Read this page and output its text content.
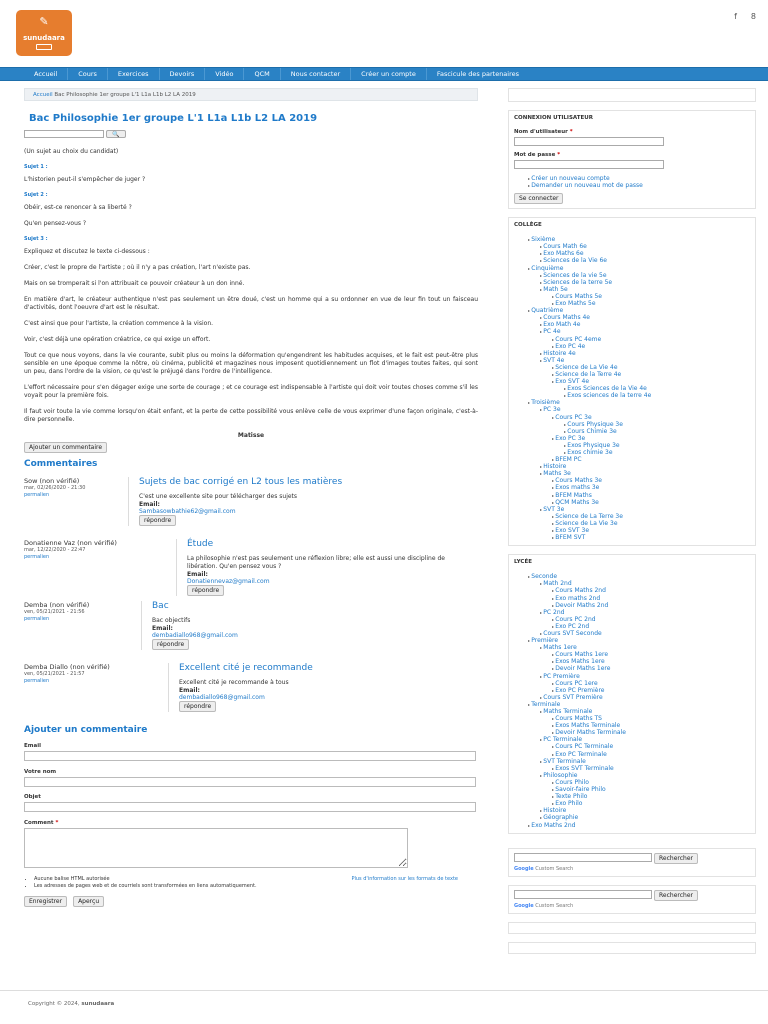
✎
sunudaara
f 8
Accueil	Cours	Exercices	Devoirs	Vidéo	QCM	Nous contacter	Créer un compte	Fascicule des partenaires
Accueil Bac Philosophie 1er groupe L'1 L1a L1b L2 LA 2019
Bac Philosophie 1er groupe L'1 L1a L1b L2 LA 2019
🔍

(Un sujet au choix du candidat)

Sujet 1 :

L'historien peut-il s'empêcher de juger ?

Sujet 2 :

Obéir, est-ce renoncer à sa liberté ?

Qu'en pensez-vous ?

Sujet 3 :

Expliquez et discutez le texte ci-dessous :

Créer, c'est le propre de l'artiste ; où il n'y a pas création, l'art n'existe pas.

Mais on se tromperait si l'on attribuait ce pouvoir créateur à un don inné.

En matière d'art, le créateur authentique n'est pas seulement un être doué, c'est un homme qui a su ordonner en vue de leur fin tout un faisceau d'activités, dont l'oeuvre d'art est le résultat.

C'est ainsi que pour l'artiste, la création commence à la vision.

Voir, c'est déjà une opération créatrice, ce qui exige un effort.

Tout ce que nous voyons, dans la vie courante, subit plus ou moins la déformation qu'engendrent les habitudes acquises, et le fait est peut-être plus sensible en une époque comme la nôtre, où cinéma, publicité et magazines nous imposent quotidiennement un flot d'images toutes faites, qui sont un peu, dans l'ordre de la vision, ce qu'est le préjugé dans l'ordre de l'intelligence.

L'effort nécessaire pour s'en dégager exige une sorte de courage ; et ce courage est indispensable à l'artiste qui doit voir toutes choses comme s'il les voyait pour la première fois.

Il faut voir toute la vie comme lorsqu'on était enfant, et la perte de cette possibilité vous enlève celle de vous exprimer d'une façon originale, c'est-à-dire personnelle.

Matisse
Ajouter un commentaire
Commentaires
Sow (non vérifié)
mar, 02/26/2020 - 21:30
permalien
Sujets de bac corrigé en L2 tous les matières
C'est une excellente site pour télécharger des sujets
Email:
Sambasowbathie62@gmail.com
répondre
Donatienne Vaz (non vérifié)
mar, 12/22/2020 - 22:47
permalien
Étude
La philosophie n'est pas seulement une réflexion libre; elle est aussi une discipline de libération. Qu'en pensez vous ?
Email:
Donatiennevaz@gmail.com
répondre
Demba (non vérifié)
ven, 05/21/2021 - 21:56
permalien
Bac
Bac objectifs
Email:
dembadiallo968@gmail.com
répondre
Demba Diallo (non vérifié)
ven, 05/21/2021 - 21:57
permalien
Excellent cité je recommande
Excellent cité je recommande à tous
Email:
dembadiallo968@gmail.com
répondre
Ajouter un commentaire
Email
Votre nom
Objet
Comment *
• Aucune balise HTML autorisée
• Les adresses de pages web et de courriels sont transformées en liens automatiquement.
Plus d'information sur les formats de texte
Enregistrer	Aperçu
CONNEXION UTILISATEUR
Nom d'utilisateur *
Mot de passe *
▸ Créer un nouveau compte
▸ Demander un nouveau mot de passe
Se connecter
COLLÈGE
▸ Sixième
▸ Cours Math 6e
▸ Exo Maths 6e
▸ Sciences de la Vie 6e
▸ Cinquième
▸ Sciences de la vie 5e
▸ Sciences de la terre 5e
▸ Math 5e
▸ Cours Maths 5e
▸ Exo Maths 5e
▸ Quatrième
▸ Cours Maths 4e
▸ Exo Math 4e
▸ PC 4e
▸ Cours PC 4eme
▸ Exo PC 4e
▸ Histoire 4e
▸ SVT 4e
▸ Science de La Vie 4e
▸ Science de la Terre 4e
▸ Exo SVT 4e
▸ Exos Sciences de la Vie 4e
▸ Exos sciences de la terre 4e
▸ Troisième
▸ PC 3e
▸ Cours PC 3e
▸ Cours Physique 3e
▸ Cours Chimie 3e
▸ Exo PC 3e
▸ Exos Physique 3e
▸ Exos chimie 3e
▸ BFEM PC
▸ Histoire
▸ Maths 3e
▸ Cours Maths 3e
▸ Exos maths 3e
▸ BFEM Maths
▸ QCM Maths 3e
▸ SVT 3e
▸ Science de La Terre 3e
▸ Science de La Vie 3e
▸ Exo SVT 3e
▸ BFEM SVT
LYCÉE
▸ Seconde
▸ Math 2nd
▸ Cours Maths 2nd
▸ Exo maths 2nd
▸ Devoir Maths 2nd
▸ PC 2nd
▸ Cours PC 2nd
▸ Exo PC 2nd
▸ Cours SVT Seconde
▸ Première
▸ Maths 1ere
▸ Cours Maths 1ere
▸ Exos Maths 1ere
▸ Devoir Maths 1ere
▸ PC Première
▸ Cours PC 1ere
▸ Exo PC Première
▸ Cours SVT Première
▸ Terminale
▸ Maths Terminale
▸ Cours Maths TS
▸ Exos Maths Terminale
▸ Devoir Maths Terminale
▸ PC Terminale
▸ Cours PC Terminale
▸ Exo PC Terminale
▸ SVT Terminale
▸ Exos SVT Terminale
▸ Philosophie
▸ Cours Philo
▸ Savoir-faire Philo
▸ Texte Philo
▸ Exo Philo
▸ Histoire
▸ Géographie
▸ Exo Maths 2nd
Rechercher
Google Custom Search
Rechercher
Google Custom Search
Copyright © 2024, sunudaara
